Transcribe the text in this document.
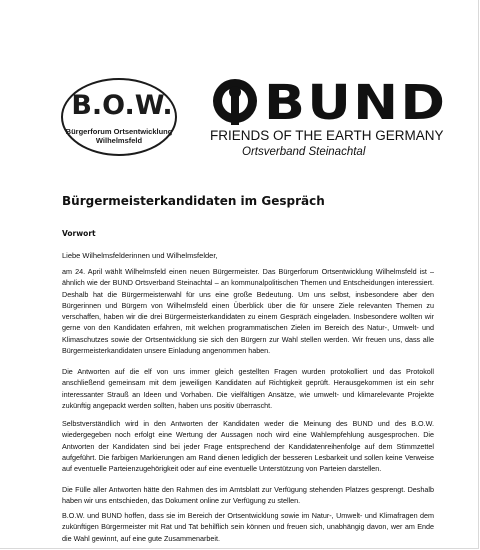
B.O.W.
Bürgerforum Ortsentwicklung
Wilhelmsfeld
BUND
FRIENDS OF THE EARTH GERMANY
Ortsverband Steinachtal
Bürgermeisterkandidaten im Gespräch
Vorwort
Liebe Wilhelmsfelderinnen und Wilhelmsfelder,
am 24. April wählt Wilhelmsfeld einen neuen Bürgermeister. Das Bürgerforum Ortsentwicklung Wilhelmsfeld ist – ähnlich wie der BUND Ortsverband Steinachtal – an kommunalpolitischen Themen und Entscheidungen interessiert. Deshalb hat die Bürgermeisterwahl für uns eine große Bedeutung. Um uns selbst, insbesondere aber den Bürgerinnen und Bürgern von Wilhelmsfeld einen Überblick über die für unsere Ziele relevanten Themen zu verschaffen, haben wir die drei Bürgermeisterkandidaten zu einem Gespräch eingeladen. Insbesondere wollten wir gerne von den Kandidaten erfahren, mit welchen programmatischen Zielen im Bereich des Natur-, Umwelt- und Klimaschutzes sowie der Ortsentwicklung sie sich den Bürgern zur Wahl stellen werden. Wir freuen uns, dass alle Bürgermeisterkandidaten unsere Einladung angenommen haben.
Die Antworten auf die elf von uns immer gleich gestellten Fragen wurden protokolliert und das Protokoll anschließend gemeinsam mit dem jeweiligen Kandidaten auf Richtigkeit geprüft. Herausgekommen ist ein sehr interessanter Strauß an Ideen und Vorhaben. Die vielfältigen Ansätze, wie umwelt- und klimarelevante Projekte zukünftig angepackt werden sollten, haben uns positiv überrascht.
Selbstverständlich wird in den Antworten der Kandidaten weder die Meinung des BUND und des B.O.W. wiedergegeben noch erfolgt eine Wertung der Aussagen noch wird eine Wahlempfehlung ausgesprochen. Die Antworten der Kandidaten sind bei jeder Frage entsprechend der Kandidatenreihenfolge auf dem Stimmzettel aufgeführt. Die farbigen Markierungen am Rand dienen lediglich der besseren Lesbarkeit und sollen keine Verweise auf eventuelle Parteienzugehörigkeit oder auf eine eventuelle Unterstützung von Parteien darstellen.
Die Fülle aller Antworten hätte den Rahmen des im Amtsblatt zur Verfügung stehenden Platzes gesprengt. Deshalb haben wir uns entschieden, das Dokument online zur Verfügung zu stellen.
B.O.W. und BUND hoffen, dass sie im Bereich der Ortsentwicklung sowie im Natur-, Umwelt- und Klimafragen dem zukünftigen Bürgermeister mit Rat und Tat behilflich sein können und freuen sich, unabhängig davon, wer am Ende die Wahl gewinnt, auf eine gute Zusammenarbeit.
